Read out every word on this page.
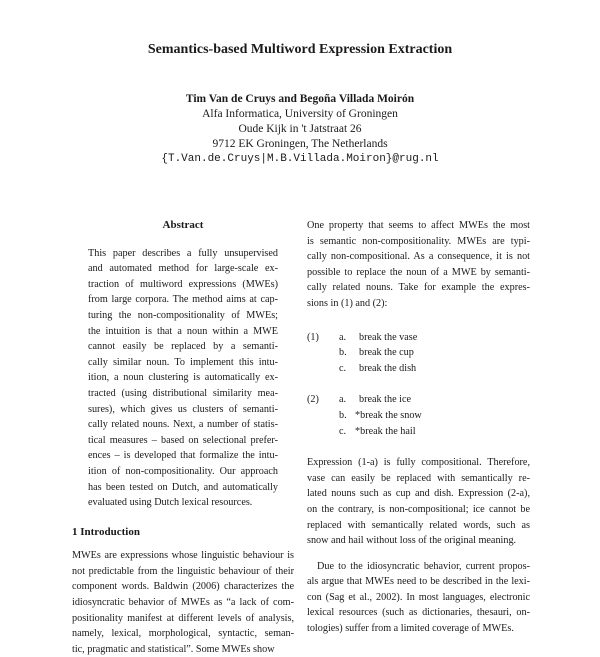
Semantics-based Multiword Expression Extraction
Tim Van de Cruys and Begoña Villada Moirón
Alfa Informatica, University of Groningen
Oude Kijk in 't Jatstraat 26
9712 EK Groningen, The Netherlands
{T.Van.de.Cruys|M.B.Villada.Moiron}@rug.nl
Abstract
This paper describes a fully unsupervised
and automated method for large-scale ex-
traction of multiword expressions (MWEs)
from large corpora. The method aims at cap-
turing the non-compositionality of MWEs;
the intuition is that a noun within a MWE
cannot easily be replaced by a semanti-
cally similar noun. To implement this intu-
ition, a noun clustering is automatically ex-
tracted (using distributional similarity mea-
sures), which gives us clusters of semanti-
cally related nouns. Next, a number of statis-
tical measures – based on selectional prefer-
ences – is developed that formalize the intu-
ition of non-compositionality. Our approach
has been tested on Dutch, and automatically
evaluated using Dutch lexical resources.
1 Introduction
MWEs are expressions whose linguistic behaviour is
not predictable from the linguistic behaviour of their
component words. Baldwin (2006) characterizes the
idiosyncratic behavior of MWEs as “a lack of com-
positionality manifest at different levels of analysis,
namely, lexical, morphological, syntactic, seman-
tic, pragmatic and statistical”. Some MWEs show
One property that seems to affect MWEs the most
is semantic non-compositionality. MWEs are typi-
cally non-compositional. As a consequence, it is not
possible to replace the noun of a MWE by semanti-
cally related nouns. Take for example the expres-
sions in (1) and (2):
(1) a. break the vase
b. break the cup
c. break the dish
(2) a. break the ice
b. *break the snow
c. *break the hail
Expression (1-a) is fully compositional. Therefore,
vase can easily be replaced with semantically re-
lated nouns such as cup and dish. Expression (2-a),
on the contrary, is non-compositional; ice cannot be
replaced with semantically related words, such as
snow and hail without loss of the original meaning.
Due to the idiosyncratic behavior, current propos-
als argue that MWEs need to be described in the lexi-
con (Sag et al., 2002). In most languages, electronic
lexical resources (such as dictionaries, thesauri, on-
tologies) suffer from a limited coverage of MWEs.
